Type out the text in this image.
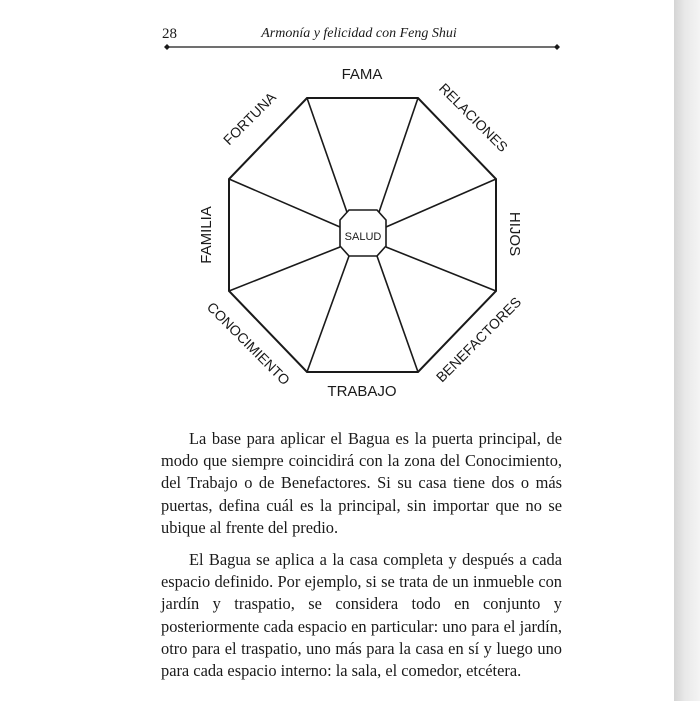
28	Armonía y felicidad con Feng Shui
SALUD
FAMA
RELACIONES
HIJOS
BENEFACTORES
TRABAJO
CONOCIMIENTO
FAMILIA
FORTUNA

La base para aplicar el Bagua es la puerta principal, de modo que siempre coincidirá con la zona del Conocimiento, del Trabajo o de Benefactores. Si su casa tiene dos o más puertas, defina cuál es la principal, sin importar que no se ubique al frente del predio.

El Bagua se aplica a la casa completa y después a cada espacio definido. Por ejemplo, si se trata de un inmueble con jardín y traspatio, se considera todo en conjunto y posteriormente cada espacio en particular: uno para el jardín, otro para el traspatio, uno más para la casa en sí y luego uno para cada espacio interno: la sala, el comedor, etcétera.
